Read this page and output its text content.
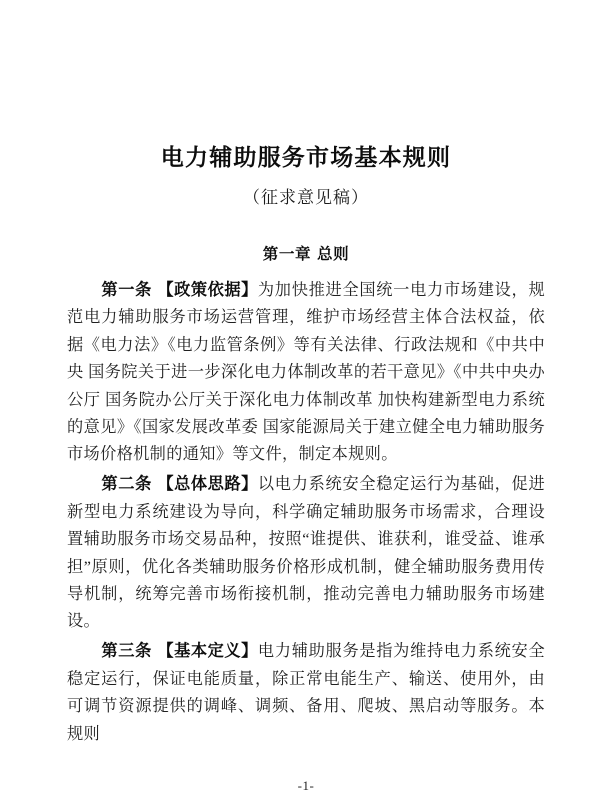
电力辅助服务市场基本规则
（征求意见稿）
第一章 总则

第一条 【政策依据】为加快推进全国统一电力市场建设，规范电力辅助服务市场运营管理，维护市场经营主体合法权益，依据《电力法》《电力监管条例》等有关法律、行政法规和《中共中央 国务院关于进一步深化电力体制改革的若干意见》《中共中央办公厅 国务院办公厅关于深化电力体制改革 加快构建新型电力系统的意见》《国家发展改革委 国家能源局关于建立健全电力辅助服务市场价格机制的通知》等文件，制定本规则。

第二条 【总体思路】以电力系统安全稳定运行为基础，促进新型电力系统建设为导向，科学确定辅助服务市场需求，合理设置辅助服务市场交易品种，按照“谁提供、谁获利，谁受益、谁承担”原则，优化各类辅助服务价格形成机制，健全辅助服务费用传导机制，统筹完善市场衔接机制，推动完善电力辅助服务市场建设。

第三条 【基本定义】电力辅助服务是指为维持电力系统安全稳定运行，保证电能质量，除正常电能生产、输送、使用外，由可调节资源提供的调峰、调频、备用、爬坡、黑启动等服务。本规则

-1-
